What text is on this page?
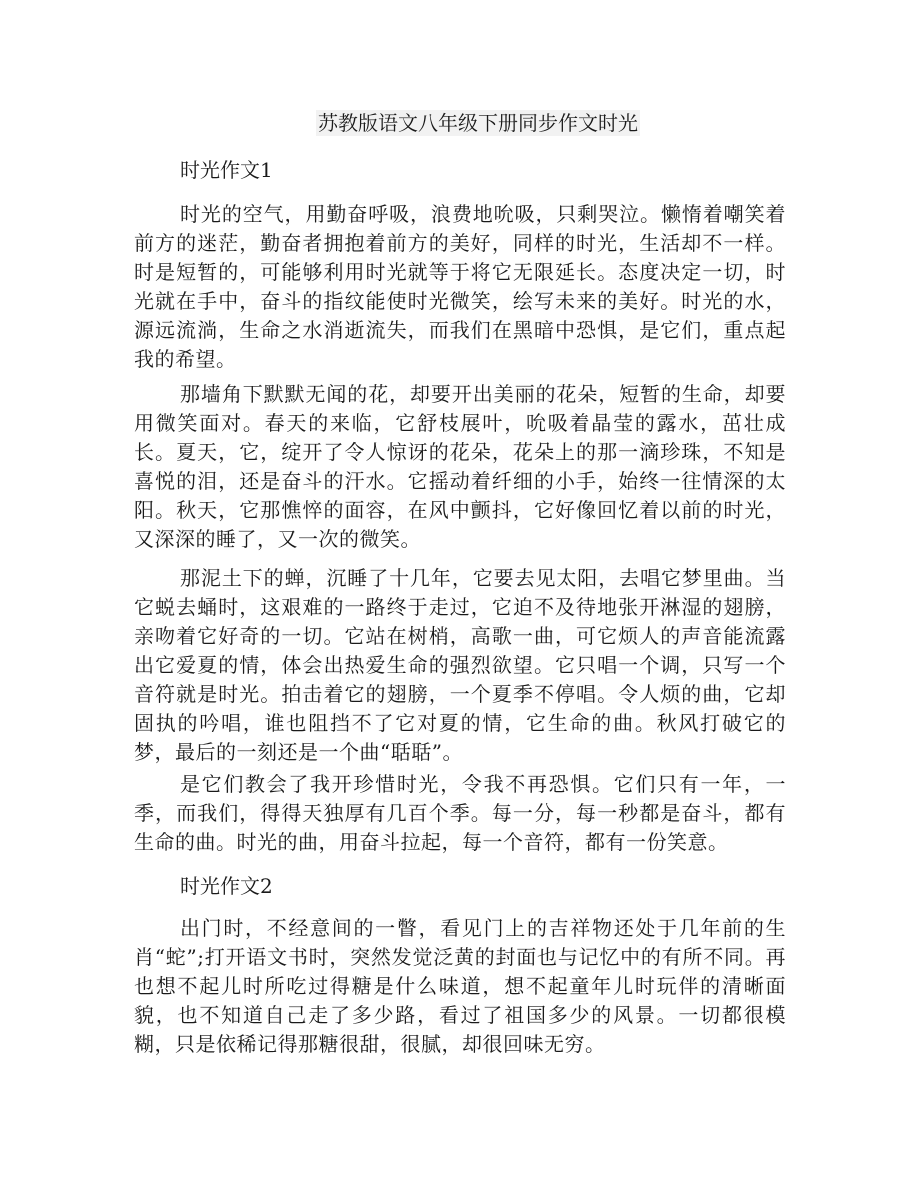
苏教版语文八年级下册同步作文时光
时光作文1

时光的空气，用勤奋呼吸，浪费地吮吸，只剩哭泣。懒惰着嘲笑着前方的迷茫，勤奋者拥抱着前方的美好，同样的时光，生活却不一样。时是短暂的，可能够利用时光就等于将它无限延长。态度决定一切，时光就在手中，奋斗的指纹能使时光微笑，绘写未来的美好。时光的水，源远流淌，生命之水消逝流失，而我们在黑暗中恐惧，是它们，重点起我的希望。

那墙角下默默无闻的花，却要开出美丽的花朵，短暂的生命，却要用微笑面对。春天的来临，它舒枝展叶，吮吸着晶莹的露水，茁壮成长。夏天，它，绽开了令人惊讶的花朵，花朵上的那一滴珍珠，不知是喜悦的泪，还是奋斗的汗水。它摇动着纤细的小手，始终一往情深的太阳。秋天，它那憔悴的面容，在风中颤抖，它好像回忆着以前的时光，又深深的睡了，又一次的微笑。

那泥土下的蝉，沉睡了十几年，它要去见太阳，去唱它梦里曲。当它蜕去蛹时，这艰难的一路终于走过，它迫不及待地张开淋湿的翅膀，亲吻着它好奇的一切。它站在树梢，高歌一曲，可它烦人的声音能流露出它爱夏的情，体会出热爱生命的强烈欲望。它只唱一个调，只写一个音符就是时光。拍击着它的翅膀，一个夏季不停唱。令人烦的曲，它却固执的吟唱，谁也阻挡不了它对夏的情，它生命的曲。秋风打破它的梦，最后的一刻还是一个曲“聒聒”。

是它们教会了我开珍惜时光，令我不再恐惧。它们只有一年，一季，而我们，得得天独厚有几百个季。每一分，每一秒都是奋斗，都有生命的曲。时光的曲，用奋斗拉起，每一个音符，都有一份笑意。

时光作文2

出门时，不经意间的一瞥，看见门上的吉祥物还处于几年前的生肖“蛇”;打开语文书时，突然发觉泛黄的封面也与记忆中的有所不同。再也想不起儿时所吃过得糖是什么味道，想不起童年儿时玩伴的清晰面貌，也不知道自己走了多少路，看过了祖国多少的风景。一切都很模糊，只是依稀记得那糖很甜，很腻，却很回味无穷。
